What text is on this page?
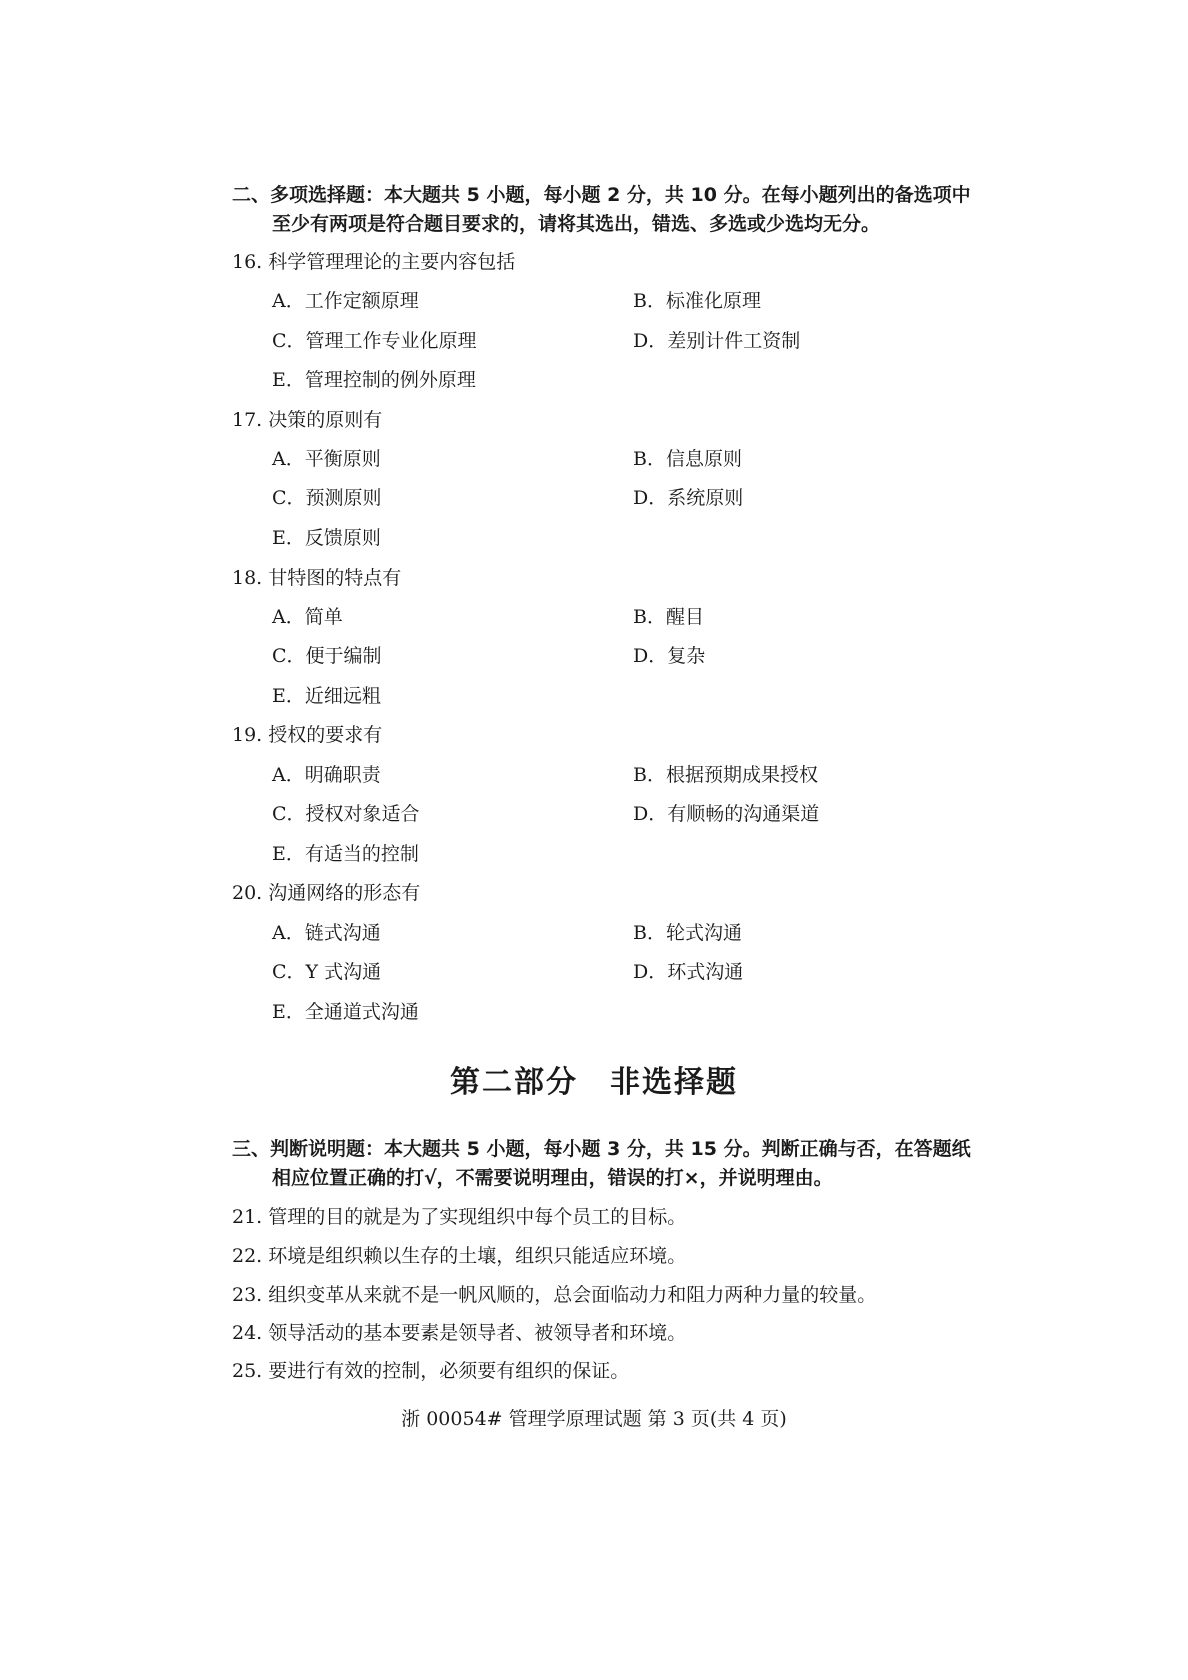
二、多项选择题：本大题共 5 小题，每小题 2 分，共 10 分。在每小题列出的备选项中
至少有两项是符合题目要求的，请将其选出，错选、多选或少选均无分。
16. 科学管理理论的主要内容包括
A．工作定额原理	B．标准化原理
C．管理工作专业化原理	D．差别计件工资制
E．管理控制的例外原理
17. 决策的原则有
A．平衡原则	B．信息原则
C．预测原则	D．系统原则
E．反馈原则
18. 甘特图的特点有
A．简单	B．醒目
C．便于编制	D．复杂
E．近细远粗
19. 授权的要求有
A．明确职责	B．根据预期成果授权
C．授权对象适合	D．有顺畅的沟通渠道
E．有适当的控制
20. 沟通网络的形态有
A．链式沟通	B．轮式沟通
C．Y 式沟通	D．环式沟通
E．全通道式沟通
第二部分　非选择题
三、判断说明题：本大题共 5 小题，每小题 3 分，共 15 分。判断正确与否，在答题纸
相应位置正确的打√，不需要说明理由，错误的打×，并说明理由。
21. 管理的目的就是为了实现组织中每个员工的目标。
22. 环境是组织赖以生存的土壤，组织只能适应环境。
23. 组织变革从来就不是一帆风顺的，总会面临动力和阻力两种力量的较量。
24. 领导活动的基本要素是领导者、被领导者和环境。
25. 要进行有效的控制，必须要有组织的保证。
浙 00054# 管理学原理试题 第 3 页(共 4 页)
